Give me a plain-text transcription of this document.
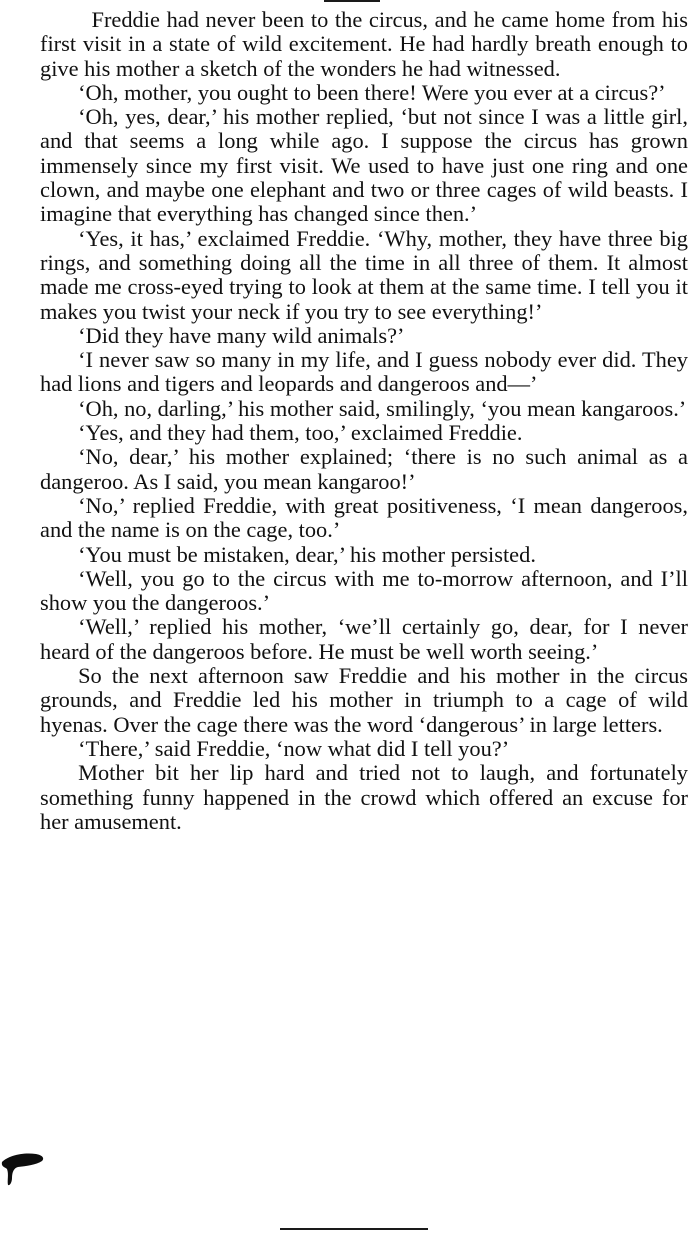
Freddie had never been to the circus, and he came home from his first visit in a state of wild excitement. He had hardly breath enough to give his mother a sketch of the wonders he had witnessed.

‘Oh, mother, you ought to been there! Were you ever at a circus?’

‘Oh, yes, dear,’ his mother replied, ‘but not since I was a little girl, and that seems a long while ago. I suppose the circus has grown immensely since my first visit. We used to have just one ring and one clown, and maybe one elephant and two or three cages of wild beasts. I imagine that everything has changed since then.’

‘Yes, it has,’ exclaimed Freddie. ‘Why, mother, they have three big rings, and something doing all the time in all three of them. It almost made me cross-eyed trying to look at them at the same time. I tell you it makes you twist your neck if you try to see everything!’

‘Did they have many wild animals?’

‘I never saw so many in my life, and I guess nobody ever did. They had lions and tigers and leopards and dangeroos and—’

‘Oh, no, darling,’ his mother said, smilingly, ‘you mean kangaroos.’

‘Yes, and they had them, too,’ exclaimed Freddie.

‘No, dear,’ his mother explained; ‘there is no such animal as a dangeroo. As I said, you mean kangaroo!’

‘No,’ replied Freddie, with great positiveness, ‘I mean dangeroos, and the name is on the cage, too.’

‘You must be mistaken, dear,’ his mother persisted.

‘Well, you go to the circus with me to-morrow afternoon, and I’ll show you the dangeroos.’

‘Well,’ replied his mother, ‘we’ll certainly go, dear, for I never heard of the dangeroos before. He must be well worth seeing.’

So the next afternoon saw Freddie and his mother in the circus grounds, and Freddie led his mother in triumph to a cage of wild hyenas. Over the cage there was the word ‘dangerous’ in large letters.

‘There,’ said Freddie, ‘now what did I tell you?’

Mother bit her lip hard and tried not to laugh, and fortunately something funny happened in the crowd which offered an excuse for her amusement.
